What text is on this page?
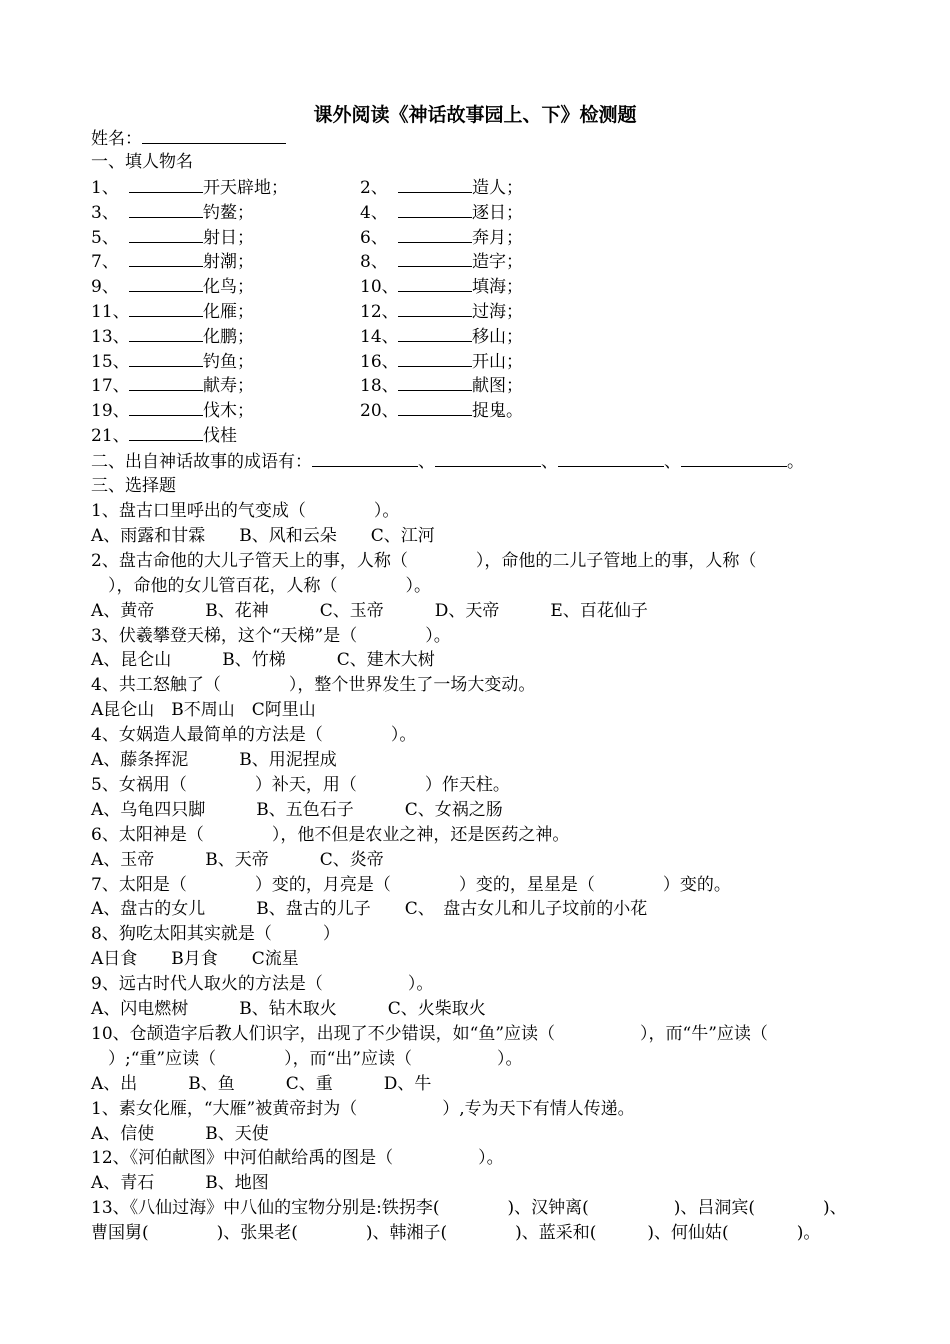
课外阅读《神话故事园上、下》检测题
姓名：
一、填人物名
1、	开天辟地；	2、	造人；
3、	钓鳌；	4、	逐日；
5、	射日；	6、	奔月；
7、	射潮；	8、	造字；
9、	化鸟；	10、	填海；
11、	化雁；	12、	过海；
13、	化鹏；	14、	移山；
15、	钓鱼；	16、	开山；
17、	献寿；	18、	献图；
19、	伐木；	20、	捉鬼。
21、	伐桂
二、出自神话故事的成语有：	、	、	、	。
三、选择题
1、盘古口里呼出的气变成（　　　　）。
A、雨露和甘霖　　B、风和云朵　　C、江河
2、盘古命他的大儿子管天上的事，人称（　　　　），命他的二儿子管地上的事，人称（
　），命他的女儿管百花，人称（　　　　）。
A、黄帝　　　B、花神　　　C、玉帝　　　D、天帝　　　E、百花仙子
3、伏羲攀登天梯，这个“天梯”是（　　　　）。
A、昆仑山　　　B、竹梯　　　C、建木大树
4、共工怒触了（　　　　），整个世界发生了一场大变动。
A昆仑山　B不周山　C阿里山
4、女娲造人最简单的方法是（　　　　）。
A、藤条挥泥　　　B、用泥捏成
5、女祸用（　　　　）补天，用（　　　　）作天柱。
A、乌龟四只脚　　　B、五色石子　　　C、女祸之肠
6、太阳神是（　　　　），他不但是农业之神，还是医药之神。
A、玉帝　　　B、天帝　　　C、炎帝
7、太阳是（　　　　）变的，月亮是（　　　　）变的，星星是（　　　　）变的。
A、盘古的女儿　　　B、盘古的儿子　　C、　盘古女儿和儿子坟前的小花
8、狗吃太阳其实就是（　　　）
A日食　　B月食　　C流星
9、远古时代人取火的方法是（　　　　　）。
A、闪电燃树　　　B、钻木取火　　　C、火柴取火
10、仓颉造字后教人们识字，出现了不少错误，如“鱼”应读（　　　　　），而“牛”应读（
　）;“重”应读（　　　　），而“出”应读（　　　　　）。
A、出　　　B、鱼　　　C、重　　　D、牛
1、素女化雁，“大雁”被黄帝封为（　　　　　）,专为天下有情人传递。
A、信使　　　B、天使
12、《河伯献图》中河伯献给禹的图是（　　　　　）。
A、青石　　　B、地图
13、《八仙过海》中八仙的宝物分别是:铁拐李(　　　　)、汉钟离(　　　　　)、吕洞宾(　　　　)、
曹国舅(　　　　)、张果老(　　　　)、韩湘子(　　　　)、蓝采和(　　　)、何仙姑(　　　　)。
